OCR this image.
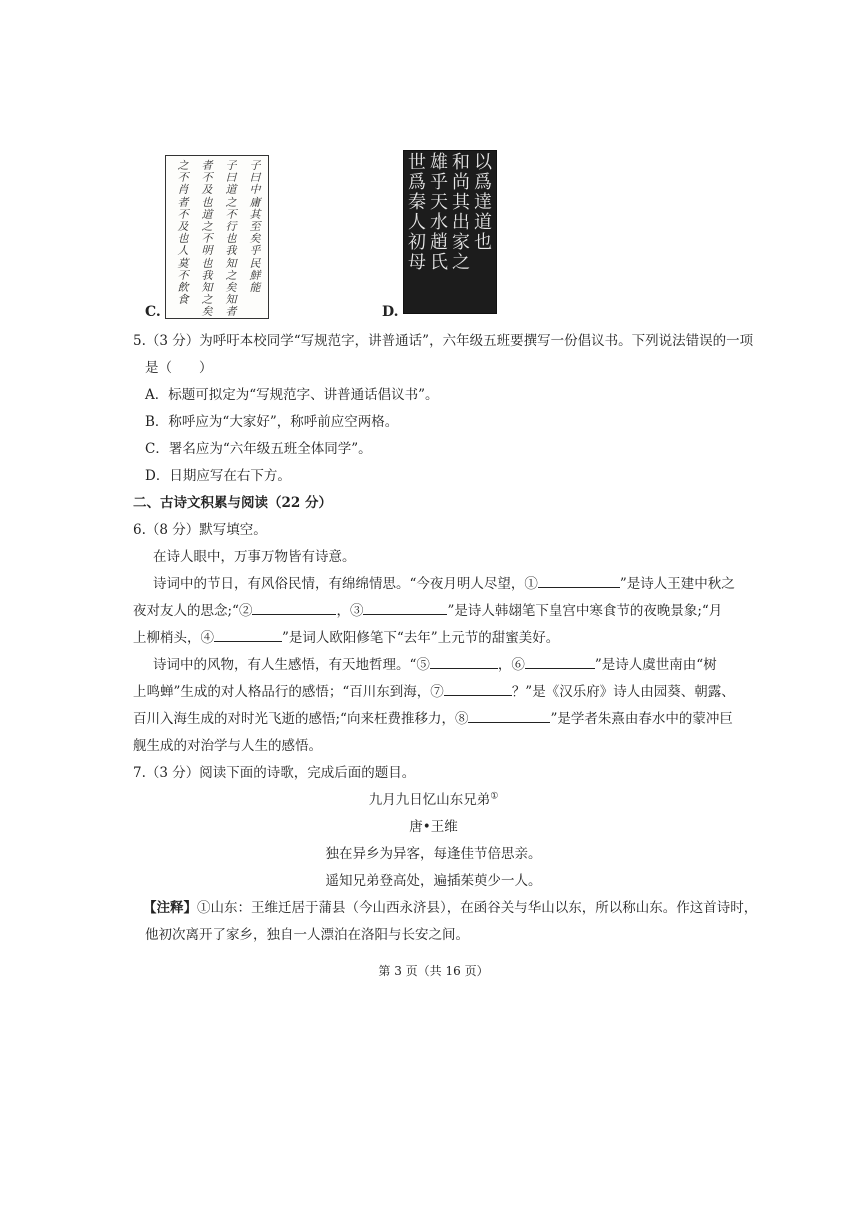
子
曰
中
庸
其
至
矣
乎
民
鮮
能
子
曰
道
之
不
行
也
我
知
之
矣
知
者
者
不
及
也
道
之
不
明
也
我
知
之
矣
之
不
肖
者
不
及
也
人
莫
不
飲
食
C.
以
爲
達
道
也
和
尚
其
出
家
之
雄
乎
天
水
趙
氏
世
爲
秦
人
初
母
D.
5.（3 分）为呼吁本校同学“写规范字，讲普通话”，六年级五班要撰写一份倡议书。下列说法错误的一项
是（　　）
A．标题可拟定为“写规范字、讲普通话倡议书”。
B．称呼应为“大家好”，称呼前应空两格。
C．署名应为“六年级五班全体同学”。
D．日期应写在右下方。
二、古诗文积累与阅读（22 分）
6.（8 分）默写填空。
在诗人眼中，万事万物皆有诗意。
诗词中的节日，有风俗民情，有绵绵情思。“今夜月明人尽望，①	”是诗人王建中秋之
夜对友人的思念;“②	，③	”是诗人韩翃笔下皇宫中寒食节的夜晚景象;“月
上柳梢头，④	”是词人欧阳修笔下“去年”上元节的甜蜜美好。
诗词中的风物，有人生感悟，有天地哲理。“⑤	，⑥	”是诗人虞世南由“树
上鸣蝉”生成的对人格品行的感悟；“百川东到海，⑦	？”是《汉乐府》诗人由园葵、朝露、
百川入海生成的对时光飞逝的感悟;“向来枉费推移力，⑧	”是学者朱熹由春水中的蒙冲巨
舰生成的对治学与人生的感悟。
7.（3 分）阅读下面的诗歌，完成后面的题目。
九月九日忆山东兄弟①
唐•王维
独在异乡为异客，每逢佳节倍思亲。
遥知兄弟登高处，遍插茱萸少一人。
【注释】①山东：王维迁居于蒲县（今山西永济县），在函谷关与华山以东，所以称山东。作这首诗时，
他初次离开了家乡，独自一人漂泊在洛阳与长安之间。
第 3 页（共 16 页）
